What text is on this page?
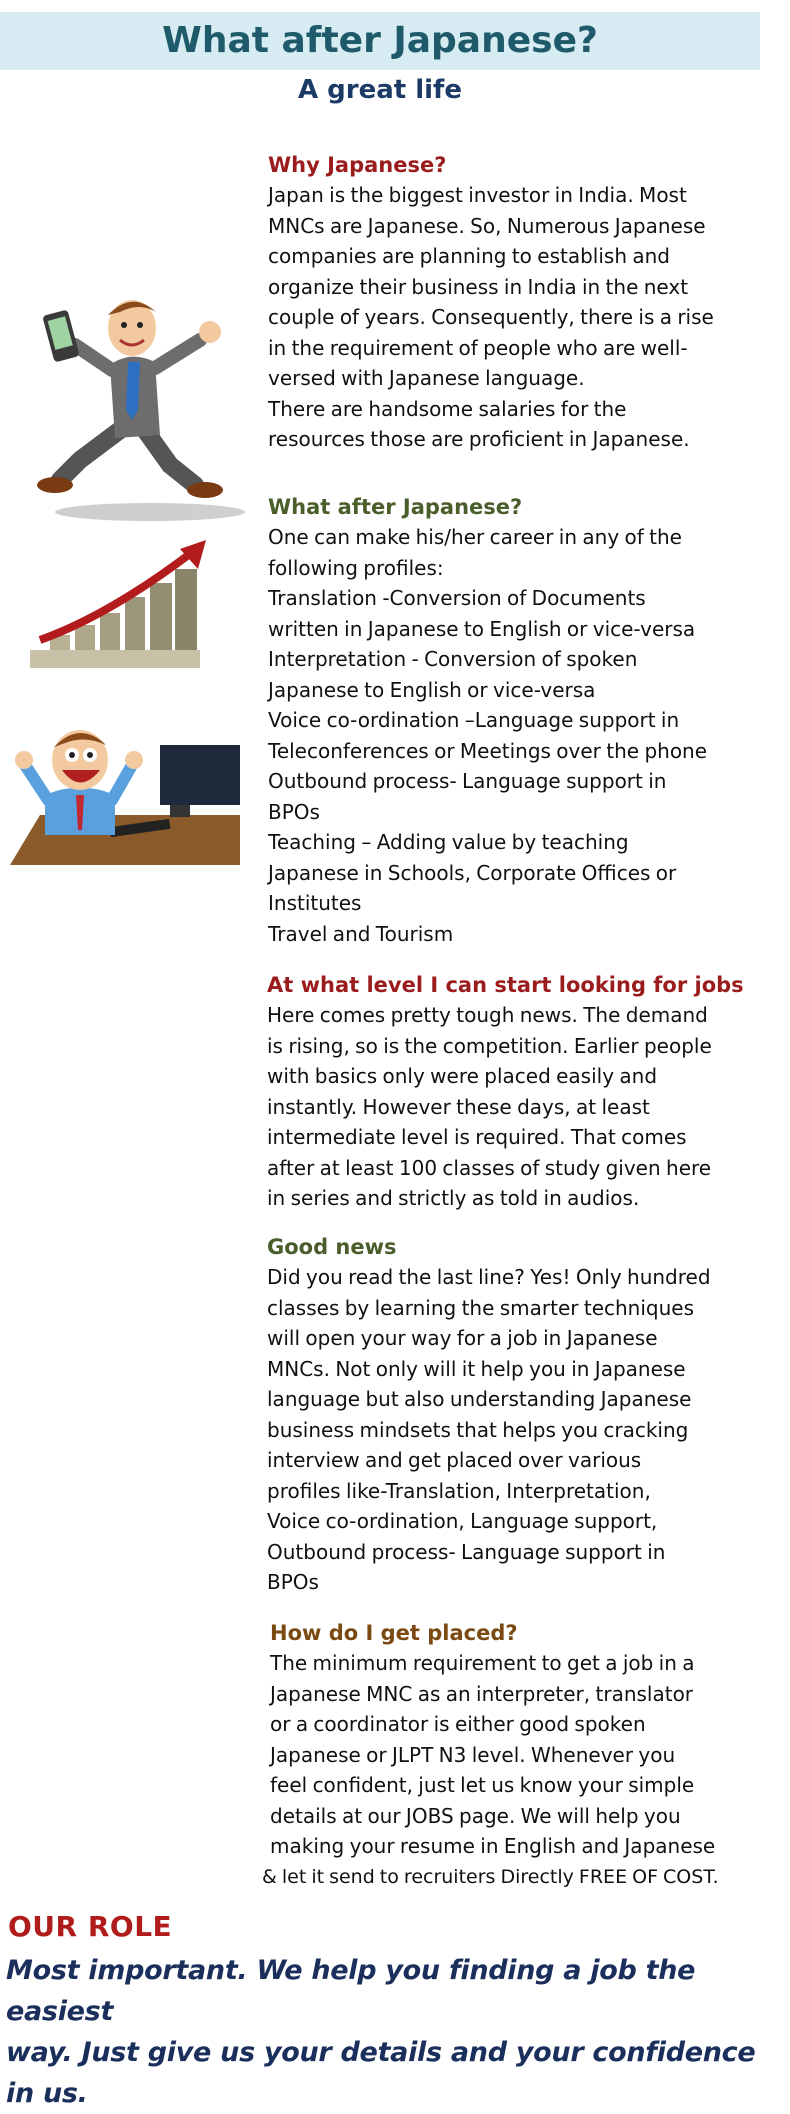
What after Japanese?
A great life
Why Japanese?

Japan is the biggest investor in India. Most

MNCs are Japanese. So, Numerous Japanese

companies are planning to establish and

organize their business in India in the next

couple of years. Consequently, there is a rise

in the requirement of people who are well-

versed with Japanese language.

There are handsome salaries for the

resources those are proficient in Japanese.

What after Japanese?

One can make his/her career in any of the

following profiles:

Translation -Conversion of Documents

written in Japanese to English or vice-versa

Interpretation - Conversion of spoken

Japanese to English or vice-versa

Voice co-ordination –Language support in

Teleconferences or Meetings over the phone

Outbound process- Language support in

BPOs

Teaching – Adding value by teaching

Japanese in Schools, Corporate Offices or

Institutes

Travel and Tourism

At what level I can start looking for jobs

Here comes pretty tough news. The demand

is rising, so is the competition. Earlier people

with basics only were placed easily and

instantly. However these days, at least

intermediate level is required. That comes

after at least 100 classes of study given here

in series and strictly as told in audios.

Good news

Did you read the last line? Yes! Only hundred

classes by learning the smarter techniques

will open your way for a job in Japanese

MNCs. Not only will it help you in Japanese

language but also understanding Japanese

business mindsets that helps you cracking

interview and get placed over various

profiles like-Translation, Interpretation,

Voice co-ordination, Language support,

Outbound process- Language support in

BPOs

How do I get placed?

The minimum requirement to get a job in a

Japanese MNC as an interpreter, translator

or a coordinator is either good spoken

Japanese or JLPT N3 level. Whenever you

feel confident, just let us know your simple

details at our JOBS page. We will help you

making your resume in English and Japanese

& let it send to recruiters Directly FREE OF COST.

OUR ROLE
Most important. We help you finding a job the easiest
way. Just give us your details and your confidence in us.
